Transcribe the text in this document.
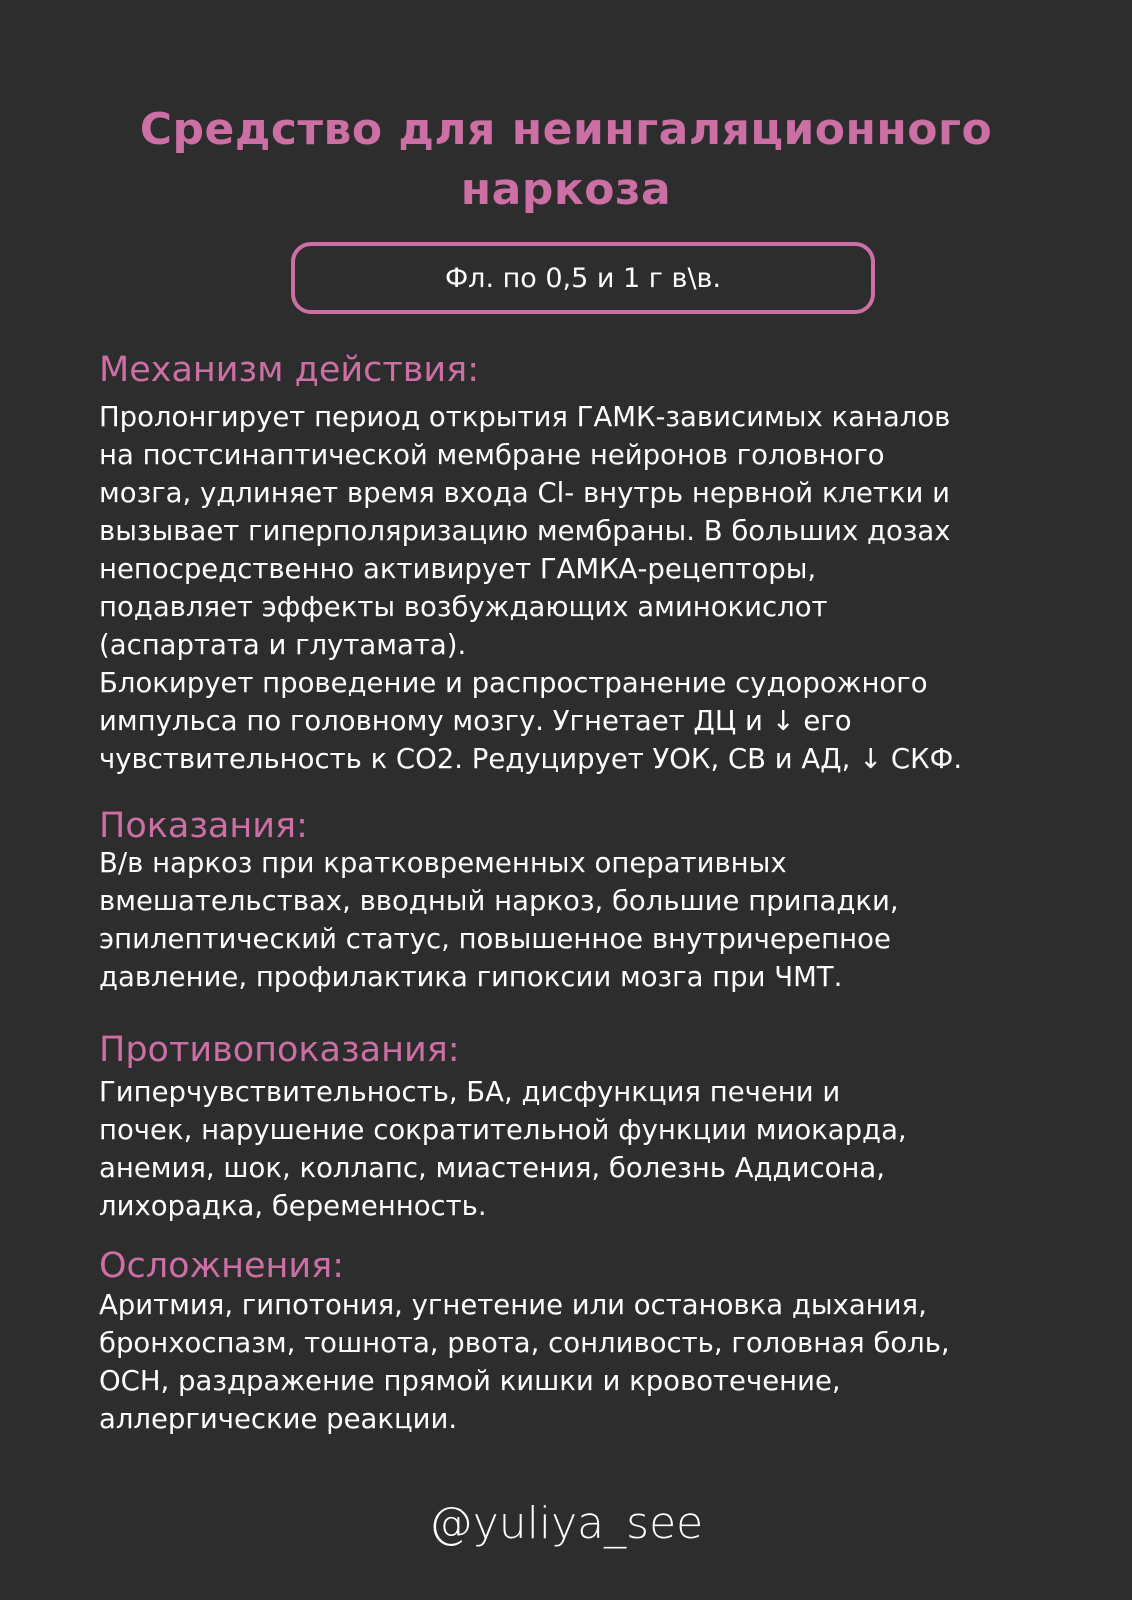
Средство для неингаляционного наркоза
Фл. по 0,5 и 1 г в\в.
Механизм действия:

Пролонгирует период открытия ГАМК-зависимых каналов
на постсинаптической мембране нейронов головного
мозга, удлиняет время входа Cl- внутрь нервной клетки и
вызывает гиперполяризацию мембраны. В больших дозах
непосредственно активирует ГАМКА-рецепторы,
подавляет эффекты возбуждающих аминокислот
(аспартата и глутамата).
Блокирует проведение и распространение судорожного
импульса по головному мозгу. Угнетает ДЦ и ↓ его
чувствительность к СО2. Редуцирует УОК, СВ и АД, ↓ СКФ.

Показания:

В/в наркоз при кратковременных оперативных
вмешательствах, вводный наркоз, большие припадки,
эпилептический статус, повышенное внутричерепное
давление, профилактика гипоксии мозга при ЧМТ.

Противопоказания:

Гиперчувствительность, БА, дисфункция печени и
почек, нарушение сократительной функции миокарда,
анемия, шок, коллапс, миастения, болезнь Аддисона,
лихорадка, беременность.

Осложнения:

Аритмия, гипотония, угнетение или остановка дыхания,
бронхоспазм, тошнота, рвота, сонливость, головная боль,
ОСН, раздражение прямой кишки и кровотечение,
аллергические реакции.

@yuliya_see
